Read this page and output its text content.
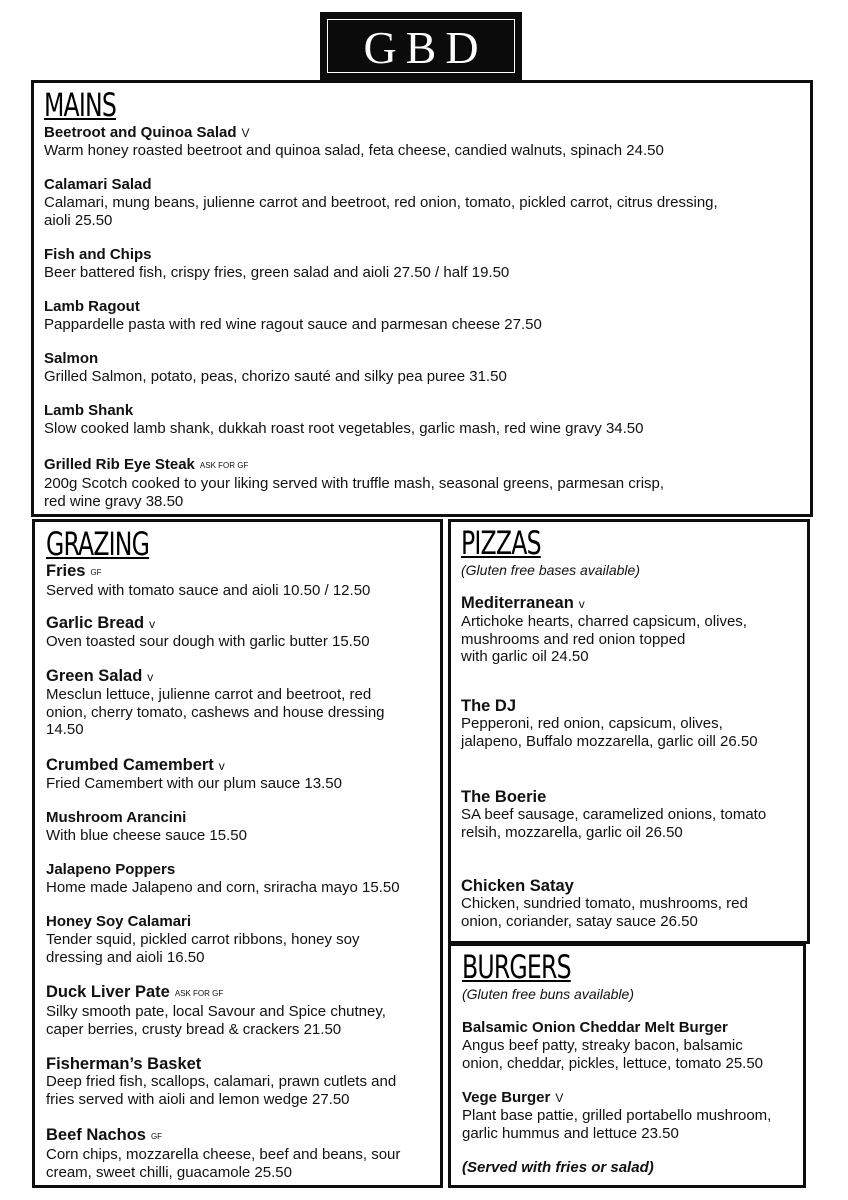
GBD
MAINS
Beetroot and Quinoa Salad V
Warm honey roasted beetroot and quinoa salad, feta cheese, candied walnuts, spinach 24.50
Calamari Salad
Calamari, mung beans, julienne carrot and beetroot, red onion, tomato, pickled carrot, citrus dressing,
aioli 25.50
Fish and Chips
Beer battered fish, crispy fries, green salad and aioli 27.50 / half 19.50
Lamb Ragout
Pappardelle pasta with red wine ragout sauce and parmesan cheese 27.50
Salmon
Grilled Salmon, potato, peas, chorizo sauté and silky pea puree 31.50
Lamb Shank
Slow cooked lamb shank, dukkah roast root vegetables, garlic mash, red wine gravy 34.50
Grilled Rib Eye Steak ASK FOR GF
200g Scotch cooked to your liking served with truffle mash, seasonal greens, parmesan crisp,
red wine gravy 38.50
GRAZING
Fries GF
Served with tomato sauce and aioli 10.50 / 12.50
Garlic Bread v
Oven toasted sour dough with garlic butter 15.50
Green Salad v
Mesclun lettuce, julienne carrot and beetroot, red
onion, cherry tomato, cashews and house dressing
14.50
Crumbed Camembert v
Fried Camembert with our plum sauce 13.50
Mushroom Arancini
With blue cheese sauce 15.50
Jalapeno Poppers
Home made Jalapeno and corn, sriracha mayo 15.50
Honey Soy Calamari
Tender squid, pickled carrot ribbons, honey soy
dressing and aioli 16.50
Duck Liver Pate ASK FOR GF
Silky smooth pate, local Savour and Spice chutney,
caper berries, crusty bread & crackers 21.50
Fisherman’s Basket
Deep fried fish, scallops, calamari, prawn cutlets and
fries served with aioli and lemon wedge 27.50
Beef Nachos GF
Corn chips, mozzarella cheese, beef and beans, sour
cream, sweet chilli, guacamole 25.50
PIZZAS
(Gluten free bases available)
Mediterranean v
Artichoke hearts, charred capsicum, olives,
mushrooms and red onion topped
with garlic oil 24.50
The DJ
Pepperoni, red onion, capsicum, olives,
jalapeno, Buffalo mozzarella, garlic oill 26.50
The Boerie
SA beef sausage, caramelized onions, tomato
relsih, mozzarella, garlic oil 26.50
Chicken Satay
Chicken, sundried tomato, mushrooms, red
onion, coriander, satay sauce 26.50
BURGERS
(Gluten free buns available)
Balsamic Onion Cheddar Melt Burger
Angus beef patty, streaky bacon, balsamic
onion, cheddar, pickles, lettuce, tomato 25.50
Vege Burger V
Plant base pattie, grilled portabello mushroom,
garlic hummus and lettuce 23.50
(Served with fries or salad)
